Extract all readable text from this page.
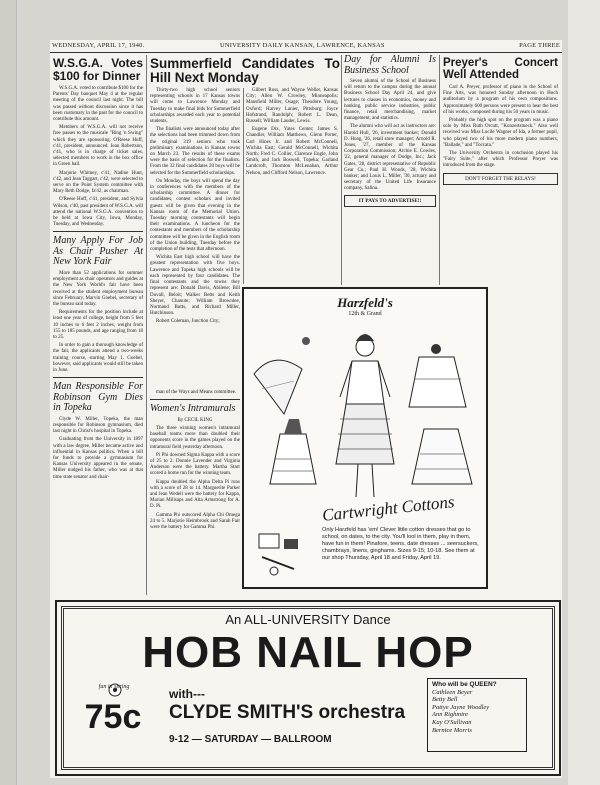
WEDNESDAY, APRIL 17, 1940.	UNIVERSITY DAILY KANSAN, LAWRENCE, KANSAS	PAGE THREE
W.S.G.A. Votes $100 for Dinner

W.S.G.A. voted to contribute $100 for the Parents' Day banquet May 4 at the regular meeting of the council last night. The bill was passed without discussion since it has been customary in the past for the council to contribute this amount.

Members of W.S.G.A. will not receive free passes to the musicale "Bing 'n Swing" which they are sponsoring. O'Reese Huff, c'41, president, announced. Jean Robertson, c'41, who is in charge of ticket sales, selected members to work in the box office in Green hall.

Marjorie Whitney, c'41, Nadine Hunt, c'42, and Jean Taggart, c'42, were selected to serve on the Point System committee with Mary Beth Dodge, fa'42, as chairman.

O'Reese Huff, c'41, president, and Sylvia Wilson, c'40, past president of W.S.G.A. will attend the national W.S.G.A. convention to be held at Iowa City, Iowa, Monday, Tuesday, and Wednesday.

Many Apply For Job As Chair Pusher At New York Fair

More than 52 applications for summer employment as chair operators and guides at the New York World's fair have been received at the student employment bureau since February, Marvin Goebel, secretary of the bureau said today.

Requirements for the position include at least one year of college, height from 5 feet 10 inches to 6 feet 2 inches, weight from 155 to 185 pounds, and age ranging from 18 to 25.

In order to gain a thorough knowledge of the fair, the applicants attend a two-weeks training course, starting May 1. Goebel, however, said applicants would still be taken in June.

Man Responsible For Robinson Gym Dies in Topeka

Clyde W. Miller, Topeka, the man responsible for Robinson gymnasium, died last night in Christ's hospital in Topeka.

Graduating from the University in 1897 with a law degree, Miller became active and influential in Kansas politics. When a bill for funds to provide a gymnasium for Kansas University appeared in the senate, Miller nudged his father, who was at that time state senator and chair-

Summerfield Candidates To Hill Next Monday

Thirty-two high school seniors representing schools in 17 Kansas towns will come to Lawrence Monday and Tuesday to make final bids for Summerfield scholarships awarded each year to potential students.

The finalists were announced today after the selections had been trimmed down from the original 319 seniors who took preliminary examinations in Kansas towns on March 23. The results of these exams were the basis of selection for the finalists. From the 32 final candidates 20 boys will be selected for the Summerfield scholarships.

On Monday, the boys will spend the day in conferences with the members of the scholarship committee. A dinner for candidates, contest scholars and invited guests will be given that evening in the Kansas room of the Memorial Union. Tuesday morning contestants will begin their examinations. A luncheon for the contestants and members of the scholarship committee will be given in the English room of the Union building, Tuesday before the completion of the tests that afternoon.

Wichita East high school will have the greatest representation with five boys. Lawrence and Topeka high schools will be each represented by four candidates. The final contestants and the towns they represent are: Donald Davis, Abilene; Bill Duvall, Beloit; Walker Betts and Keith Sheyer, Chanute; William Brownlee, Normand Butts, and Richard Miller, Hutchinson.

Robert Coleman, Junction City;

Gilbert Ross, and Wayne Weller, Kansas City; Allen W. Crowley, Minneapolis; Mansfield Miller, Osage; Theodore Young, Oxford; Harvey Lanier, Pittsburg; Joyce Hofstrand, Randolph; Robert L. Dean, Russell; William Lauder, Lewis.

Eugene Dix, Yates Center; James S. Chandler, William Matthews, Glenn Porter, Carl Hines Jr. and Robert McConnell, Wichita East; Gerald McConnell, Wichita North; Fred C. Collier, Clarence Engle, John Smith, and Jack Boswell, Topeka; Garland Landcroft, Thornton McLenahan, Arthur Nelson, and Clifford Nelson, Lawrence.

man of the Ways and Means committee.

Women's Intramurals
By CECIL KING

The three winning women's intramural baseball teams more than doubled their opponents score in the games played on the intramural field yesterday afternoon.

Pi Phi downed Sigma Kappa with a score of 25 to 2. Donnie Lavender and Virginia Anderson were the battery. Martha Starr scored a home run for the winning team.

Kappa doubled the Alpha Delta Pi runs with a score of 28 to 14. Marguerite Parker and Jean Wedell were the battery for Kappa, Marian Millsaps and Alta Armstrong for A. D. Pi.

Gamma Phi outscored Alpha Chi Omega 24 to 5. Marjorie Heimbrook and Sarah Fair were the battery for Gamma Phi.

Day for Alumni Is Business School

Seven alumni of the School of Business will return to the campus during the annual Business School Day April 24, and give lectures to classes in economics, money and banking, public service industries, public finance, retail merchandising, market management, and statistics.

The alumni who will act as instructors are: Harold Hull, '26, investment banker; Donald D. Hoag, '26, retail store manager; Arnold R. Jones, '27, member of the Kansas Corporation Commission; Archie E. Cowles, '22, general manager of Dodge, Inc.; Jack Gates, '28, district representative of Republic Gear Co.; Paul H. Woods, '28, Wichita banker; and Louis L. Miller, '30, actuary and secretary of the United Life Insurance company, Salina.

IT PAYS TO ADVERTISE!!
Preyer's Concert Well Attended

Carl A. Preyer, professor of piano in the School of Fine Arts, was honored Sunday afternoon in Hoch auditorium by a program of his own compositions. Approximately 600 persons were present to hear the best of his works, composed during his 50 years in music.

Probably the high spot on the program was a piano solo by Miss Ruth Orcutt, "Konzertstueck." Also well received was Miss Lucile Wagner of Ida, a former pupil, who played two of his more modern piano numbers, "Ballade," and "Toccata."

The University Orchestra in conclusion played his "Fairy Suite," after which Professor Preyer was introduced from the stage.

DON'T FORGET THE RELAYS!
Harzfeld's
12th & Grand
Cartwright Cottons
Only Harzfeld has 'em! Clever little cotton dresses that go to school, on dates, to the city. You'll lool in them, play in them, have fun in them! Pinafore, teens, date dresses ... seersuckers, chambrays, linens, ginghams. Sizes 9-15; 10-18. See them at our shop Thursday, April 18 and Friday, April 19.
An ALL-UNIVERSITY Dance
HOB NAIL HOP
fun in spring
75c
with---
CLYDE SMITH'S orchestra
9-12 — SATURDAY — BALLROOM
Who will be QUEEN?
Cathleen Beyer
Betty Bell
Pattye Jayne Woodley
Ann Righmire
Kay O'Sullivan
Bernice Morris
